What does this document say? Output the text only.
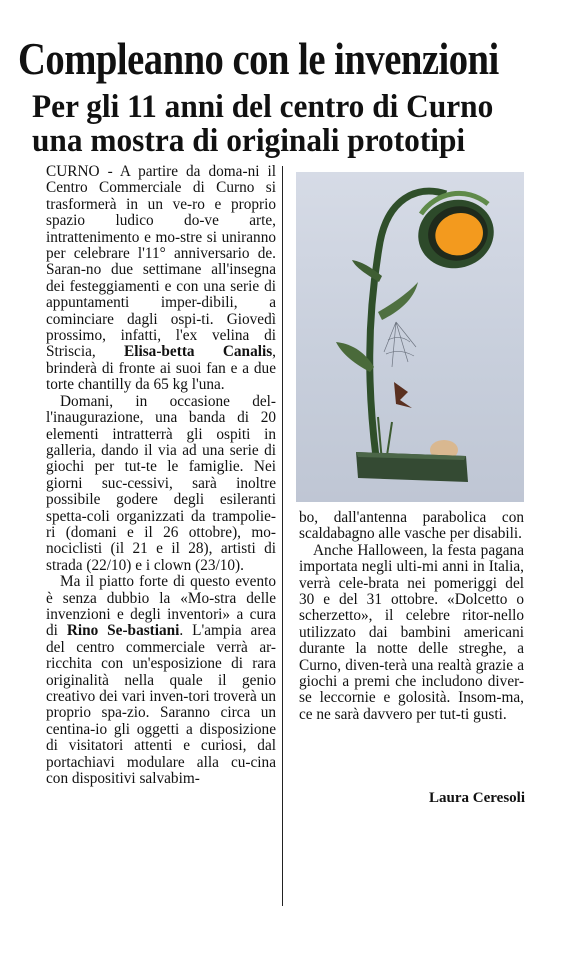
Compleanno con le invenzioni
Per gli 11 anni del centro di Curno
una mostra di originali prototipi

CURNO - A partire da doma-ni il Centro Commerciale di Curno si trasformerà in un ve-ro e proprio spazio ludico do-ve arte, intrattenimento e mo-stre si uniranno per celebrare l'11° anniversario de. Saran-no due settimane all'insegna dei festeggiamenti e con una serie di appuntamenti imper-dibili, a cominciare dagli ospi-ti. Giovedì prossimo, infatti, l'ex velina di Striscia, Elisa-betta Canalis, brinderà di fronte ai suoi fan e a due torte chantilly da 65 kg l'una.

Domani, in occasione del-l'inaugurazione, una banda di 20 elementi intratterrà gli ospiti in galleria, dando il via ad una serie di giochi per tut-te le famiglie. Nei giorni suc-cessivi, sarà inoltre possibile godere degli esileranti spetta-coli organizzati da trampolie-ri (domani e il 26 ottobre), mo-nociclisti (il 21 e il 28), artisti di strada (22/10) e i clown (23/10).

Ma il piatto forte di questo evento è senza dubbio la «Mo-stra delle invenzioni e degli inventori» a cura di Rino Se-bastiani. L'ampia area del centro commerciale verrà ar-ricchita con un'esposizione di rara originalità nella quale il genio creativo dei vari inven-tori troverà un proprio spa-zio. Saranno circa un centina-io gli oggetti a disposizione di visitatori attenti e curiosi, dal portachiavi modulare alla cu-cina con dispositivi salvabim-

bo, dall'antenna parabolica con scaldabagno alle vasche per disabili.

Anche Halloween, la festa pagana importata negli ulti-mi anni in Italia, verrà cele-brata nei pomeriggi del 30 e del 31 ottobre. «Dolcetto o scherzetto», il celebre ritor-nello utilizzato dai bambini americani durante la notte delle streghe, a Curno, diven-terà una realtà grazie a giochi a premi che includono diver-se leccornie e golosità. Insom-ma, ce ne sarà davvero per tut-ti gusti.

Laura Ceresoli
